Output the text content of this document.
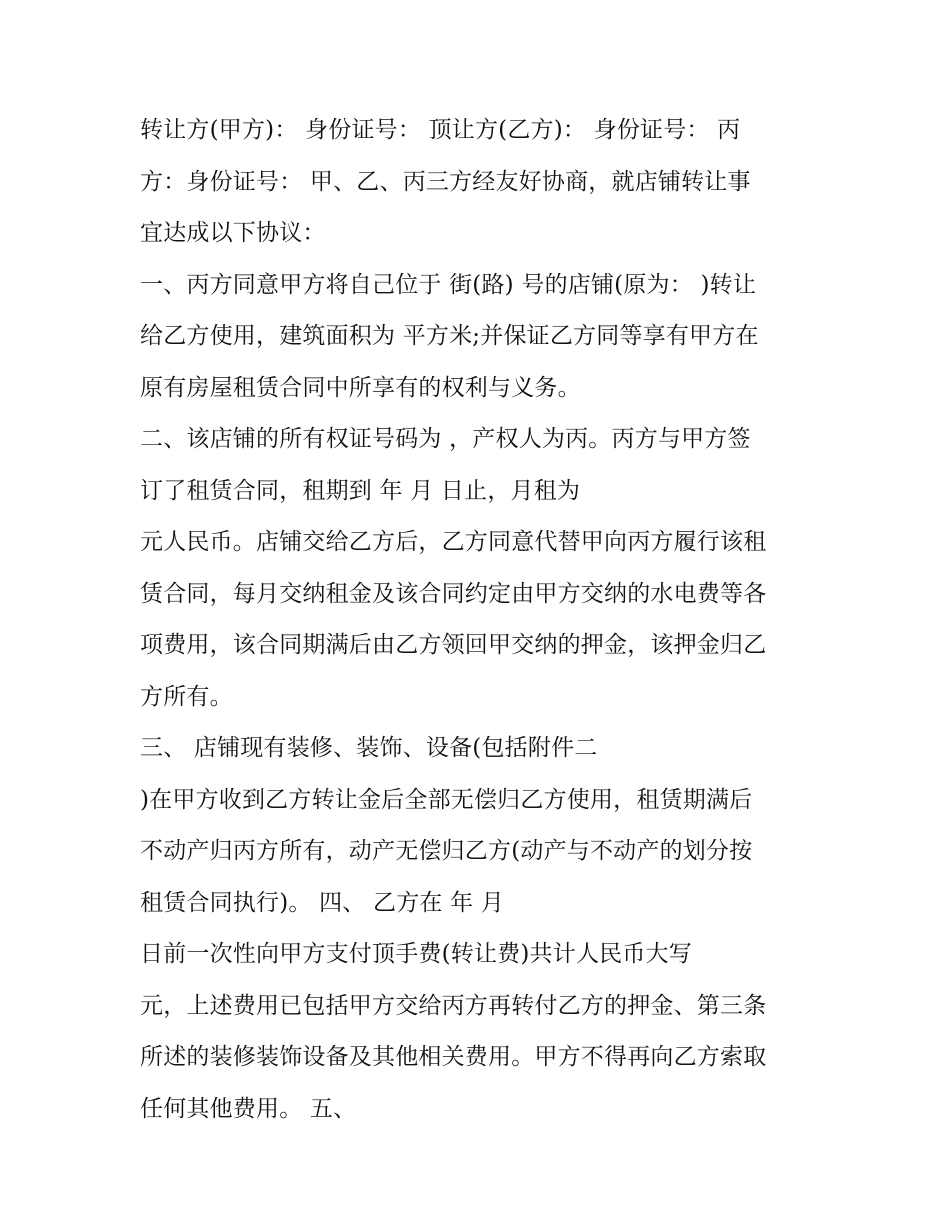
转让方(甲方)： 身份证号： 顶让方(乙方)： 身份证号： 丙
方：身份证号： 甲、乙、丙三方经友好协商，就店铺转让事
宜达成以下协议：
一、丙方同意甲方将自己位于 街(路) 号的店铺(原为： )转让
给乙方使用，建筑面积为 平方米;并保证乙方同等享有甲方在
原有房屋租赁合同中所享有的权利与义务。
二、该店铺的所有权证号码为 ，产权人为丙。丙方与甲方签
订了租赁合同，租期到 年 月 日止，月租为
元人民币。店铺交给乙方后，乙方同意代替甲向丙方履行该租
赁合同，每月交纳租金及该合同约定由甲方交纳的水电费等各
项费用，该合同期满后由乙方领回甲交纳的押金，该押金归乙
方所有。
三、 店铺现有装修、装饰、设备(包括附件二
)在甲方收到乙方转让金后全部无偿归乙方使用，租赁期满后
不动产归丙方所有，动产无偿归乙方(动产与不动产的划分按
租赁合同执行)。 四、 乙方在 年 月
日前一次性向甲方支付顶手费(转让费)共计人民币大写
元，上述费用已包括甲方交给丙方再转付乙方的押金、第三条
所述的装修装饰设备及其他相关费用。甲方不得再向乙方索取
任何其他费用。 五、
